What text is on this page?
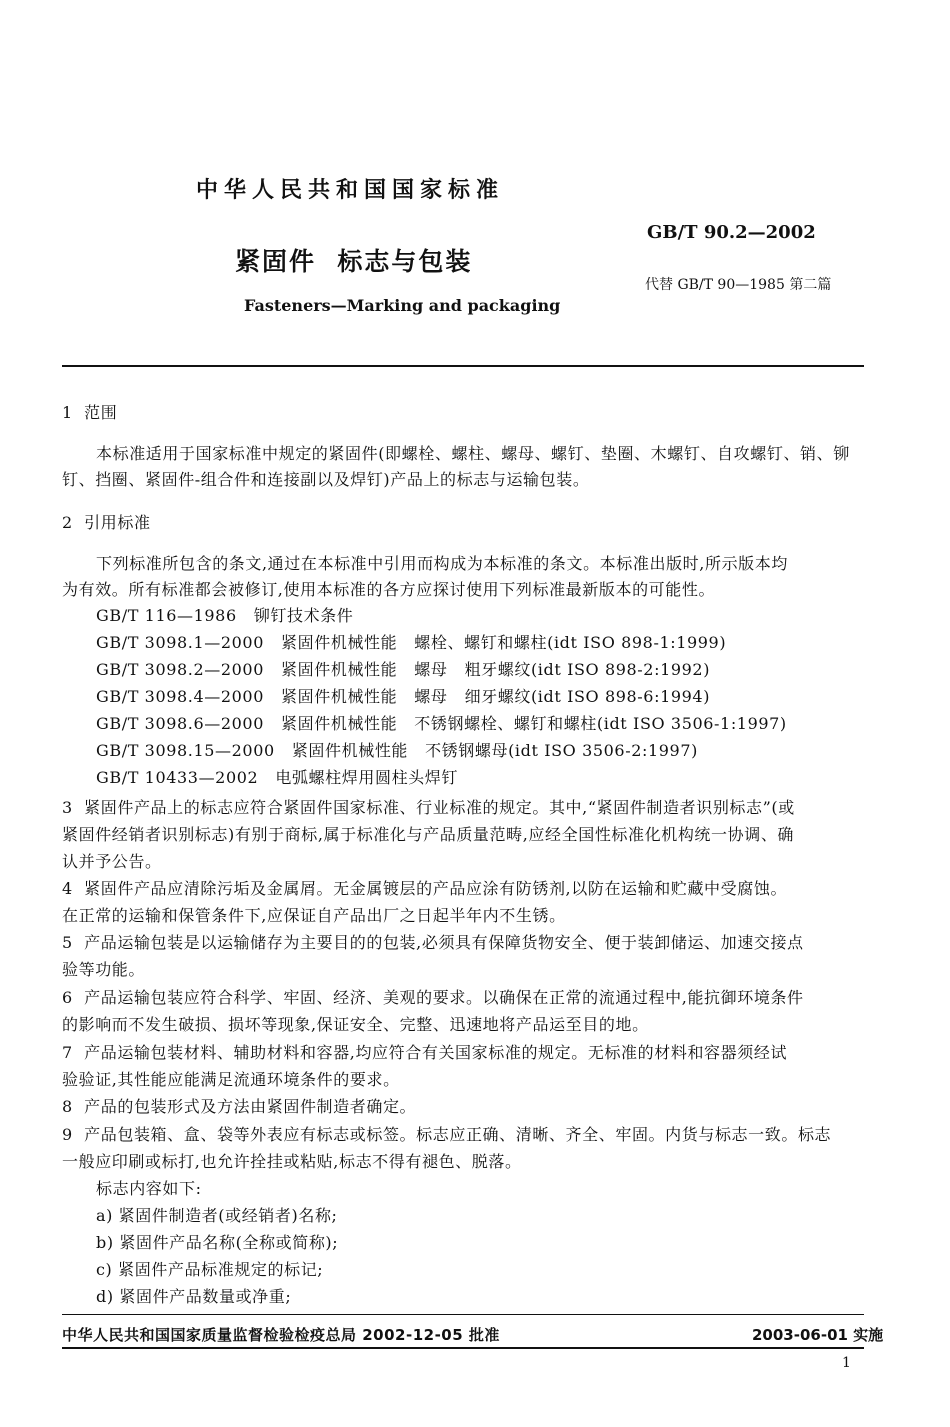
中华人民共和国国家标准
GB/T 90.2—2002
紧固件  标志与包装
代替 GB/T 90—1985 第二篇
Fasteners—Marking and packaging
1  范围
本标准适用于国家标准中规定的紧固件(即螺栓、螺柱、螺母、螺钉、垫圈、木螺钉、自攻螺钉、销、铆
钉、挡圈、紧固件-组合件和连接副以及焊钉)产品上的标志与运输包装。
2  引用标准
下列标准所包含的条文,通过在本标准中引用而构成为本标准的条文。本标准出版时,所示版本均
为有效。所有标准都会被修订,使用本标准的各方应探讨使用下列标准最新版本的可能性。
GB/T 116—1986   铆钉技术条件
GB/T 3098.1—2000   紧固件机械性能   螺栓、螺钉和螺柱(idt ISO 898-1:1999)
GB/T 3098.2—2000   紧固件机械性能   螺母   粗牙螺纹(idt ISO 898-2:1992)
GB/T 3098.4—2000   紧固件机械性能   螺母   细牙螺纹(idt ISO 898-6:1994)
GB/T 3098.6—2000   紧固件机械性能   不锈钢螺栓、螺钉和螺柱(idt ISO 3506-1:1997)
GB/T 3098.15—2000   紧固件机械性能   不锈钢螺母(idt ISO 3506-2:1997)
GB/T 10433—2002   电弧螺柱焊用圆柱头焊钉
3  紧固件产品上的标志应符合紧固件国家标准、行业标准的规定。其中,“紧固件制造者识别标志”(或
紧固件经销者识别标志)有别于商标,属于标准化与产品质量范畴,应经全国性标准化机构统一协调、确
认并予公告。
4  紧固件产品应清除污垢及金属屑。无金属镀层的产品应涂有防锈剂,以防在运输和贮藏中受腐蚀。
在正常的运输和保管条件下,应保证自产品出厂之日起半年内不生锈。
5  产品运输包装是以运输储存为主要目的的包装,必须具有保障货物安全、便于装卸储运、加速交接点
验等功能。
6  产品运输包装应符合科学、牢固、经济、美观的要求。以确保在正常的流通过程中,能抗御环境条件
的影响而不发生破损、损坏等现象,保证安全、完整、迅速地将产品运至目的地。
7  产品运输包装材料、辅助材料和容器,均应符合有关国家标准的规定。无标准的材料和容器须经试
验验证,其性能应能满足流通环境条件的要求。
8  产品的包装形式及方法由紧固件制造者确定。
9  产品包装箱、盒、袋等外表应有标志或标签。标志应正确、清晰、齐全、牢固。内货与标志一致。标志
一般应印刷或标打,也允许拴挂或粘贴,标志不得有褪色、脱落。
标志内容如下:
a) 紧固件制造者(或经销者)名称;
b) 紧固件产品名称(全称或简称);
c) 紧固件产品标准规定的标记;
d) 紧固件产品数量或净重;
中华人民共和国国家质量监督检验检疫总局 2002-12-05 批准	2003-06-01 实施
1
